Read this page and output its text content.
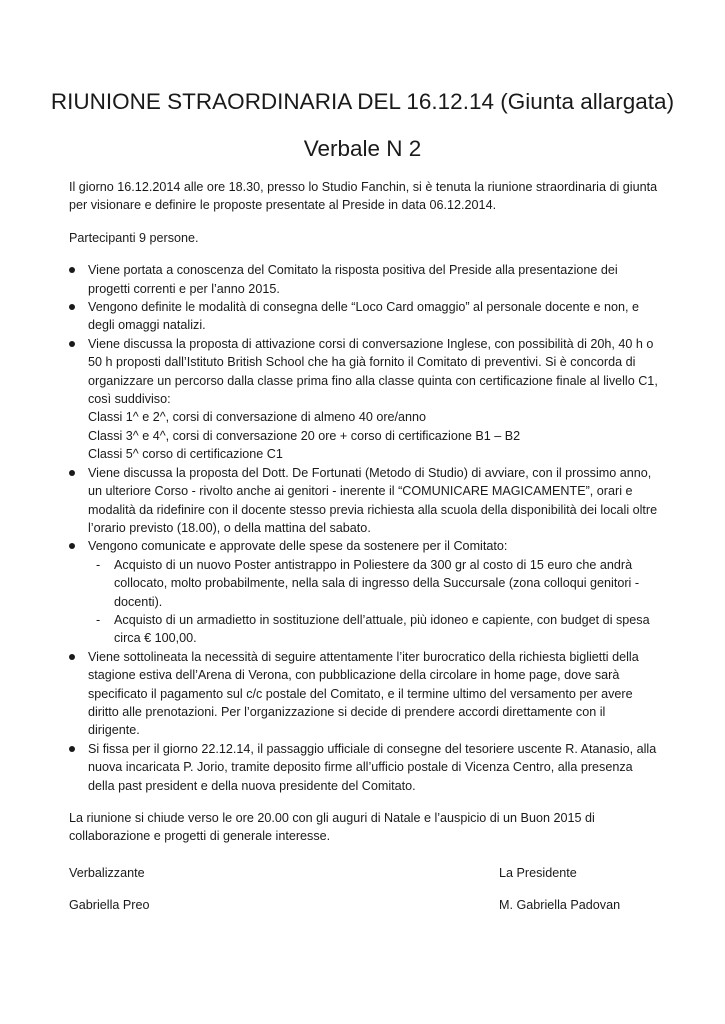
RIUNIONE STRAORDINARIA DEL 16.12.14 (Giunta allargata)
Verbale N 2

Il giorno 16.12.2014 alle ore 18.30, presso lo Studio Fanchin, si è tenuta la riunione straordinaria di giunta per visionare e definire le proposte presentate al Preside in data 06.12.2014.

Partecipanti 9 persone.

Viene portata a conoscenza del Comitato la risposta positiva del Preside alla presentazione dei progetti correnti e per l’anno 2015.

Vengono definite le modalità di consegna delle “Loco Card omaggio” al personale docente e non, e degli omaggi natalizi.

Viene discussa la proposta di attivazione corsi di conversazione Inglese, con possibilità di 20h, 40 h o 50 h proposti dall’Istituto British School che ha già fornito il Comitato di preventivi. Si è concorda di organizzare un percorso dalla classe prima fino alla classe quinta con certificazione finale al livello C1, così suddiviso:

Classi 1^ e 2^, corsi di conversazione di almeno 40 ore/anno

Classi 3^ e 4^, corsi di conversazione 20 ore + corso di certificazione B1 – B2

Classi 5^ corso di certificazione C1

Viene discussa la proposta del Dott. De Fortunati (Metodo di Studio) di avviare, con il prossimo anno, un ulteriore Corso - rivolto anche ai genitori - inerente il “COMUNICARE MAGICAMENTE”, orari e modalità da ridefinire con il docente stesso previa richiesta alla scuola della disponibilità dei locali oltre l’orario previsto (18.00), o della mattina del sabato.

Vengono comunicate e approvate delle spese da sostenere per il Comitato:

- Acquisto di un nuovo Poster antistrappo in Poliestere da 300 gr al costo di 15 euro che andrà collocato, molto probabilmente, nella sala di ingresso della Succursale (zona colloqui genitori - docenti).

- Acquisto di un armadietto in sostituzione dell’attuale, più idoneo e capiente, con budget di spesa circa € 100,00.

Viene sottolineata la necessità di seguire attentamente l’iter burocratico della richiesta biglietti della stagione estiva dell’Arena di Verona, con pubblicazione della circolare in home page, dove sarà specificato il pagamento sul c/c postale del Comitato, e il termine ultimo del versamento per avere diritto alle prenotazioni. Per l’organizzazione si decide di prendere accordi direttamente con il dirigente.

Si fissa per il giorno 22.12.14, il passaggio ufficiale di consegne del tesoriere uscente R. Atanasio, alla nuova incaricata P. Jorio, tramite deposito firme all’ufficio postale di Vicenza Centro, alla presenza della past president e della nuova presidente del Comitato.

La riunione si chiude verso le ore 20.00 con gli auguri di Natale e l’auspicio di un Buon 2015 di collaborazione e progetti di generale interesse.

Verbalizzante	La Presidente
Gabriella Preo	M. Gabriella Padovan
